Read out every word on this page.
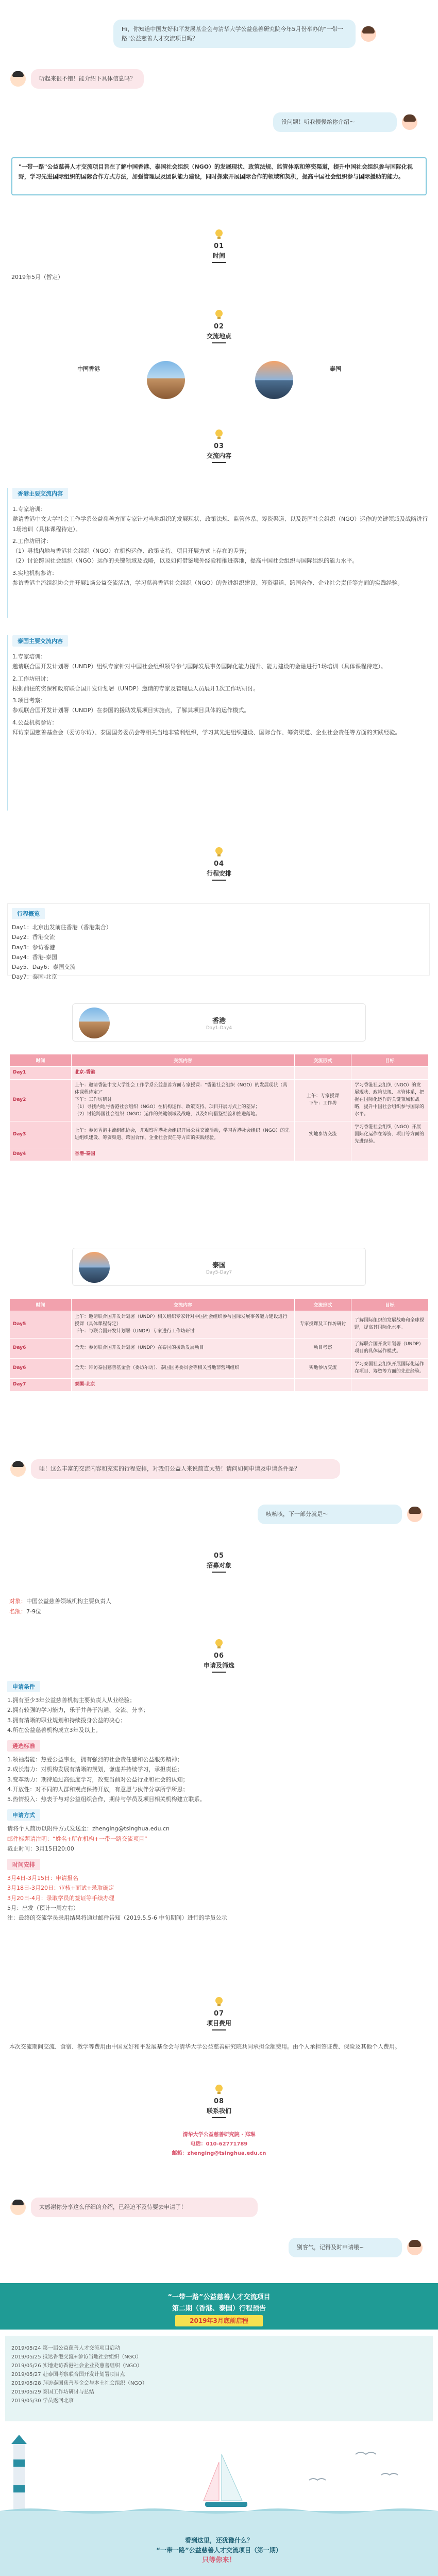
Hi，你知道中国友好和平发展基金会与清华大学公益慈善研究院今年5月份举办的"一带一路"公益慈善人才交流项目吗？
听起来很不错！能介绍下具体信息吗？
没问题！听我慢慢给你介绍～
"一带一路"公益慈善人才交流项目旨在了解中国香港、泰国社会组织（NGO）的发展现状、政策法规、监管体系和筹资渠道，提升中国社会组织参与国际化视野，学习先进国际组织的国际合作方式方法，加强管理层及团队能力建设，同时探索开展国际合作的领域和契机，提高中国社会组织参与国际援助的能力。
01
时间
2019年5月（暂定）
02
交流地点
中国香港	泰国
03
交流内容
香港主要交流内容
1.专家培训：
邀请香港中文大学社会工作学系公益慈善方面专家针对当地组织的发展现状、政策法规、监管体系、筹资渠道、以及跨国社会组织（NGO）运作的关键领域及战略进行1场培训（具体课程待定）。
2.工作坊研讨：
（1）寻找内地与香港社会组织（NGO）在机构运作、政策支持、项目开展方式上存在的差异；
（2）讨论跨国社会组织（NGO）运作的关键领域及战略，以及如何借鉴境外经验和推进落地，提高中国社会组织与国际组织的能力水平。
3.实地机构参访：
参访香港主流组织协会并开展1场公益交流活动，学习慈善香港社会组织（NGO）的先进组织建设、筹资渠道、跨国合作、企业社会责任等方面的实践经验。
泰国主要交流内容
1.专家培训：
邀请联合国开发计划署（UNDP）组织专家针对中国社会组织领导参与国际发展事务国际化能力提升、能力建设的金融进行1场培训（具体课程待定）。
2.工作坊研讨：
根据前往的资深和政府联合国开发计划署（UNDP）邀请的专家及管理层人员展开1次工作坊研讨。
3.项目考察：
参观联合国开发计划署（UNDP）在泰国的援助发展项目实施点，了解其项目具体的运作模式。
4.公益机构参访：
拜访泰国慈善基金会（委访尔访）、泰国国务委员会等相关当地非营利组织，学习其先进组织建设、国际合作、筹资渠道、企业社会责任等方面的实践经验。
04
行程安排
行程概览
Day1：北京出发前往香港（香港集合）
Day2：香港交流
Day3：参访香港
Day4：香港-泰国
Day5、Day6：泰国交流
Day7：泰国-北京
香港
Day1-Day4
时间	交流内容	交流形式	目标
Day1	北京-香港		
Day2	上午：邀请香港中文大学社会工作学系公益慈善方面专家授课：“香港社会组织（NGO）的发展现状（具体课程待定）”
下午：工作坊研讨
（1）寻找内地与香港社会组织（NGO）在机构运作、政策支持、项目开展方式上的差异；
（2）讨论跨国社会组织（NGO）运作的关键领域及战略，以及如何借鉴经验和推进落地。	上午：专家授课
下午：工作坊	学习香港社会组织（NGO）的发展现状、政策法规、监管体系，把握在国际化运作的关键领域和战略，提升中国社会组织参与国际的水平。
Day3	上午：参访香港主流组织协会，并观察香港社会组织开展公益交流活动，学习香港社会组织（NGO）的先进组织建设、筹资渠道、跨国合作、企业社会责任等方面的实践经验。	实地参访交流	学习香港社会组织（NGO）开展国际化运作在筹资、项目等方面的先进经验。
Day4	香港-泰国		
泰国
Day5-Day7
时间	交流内容	交流形式	目标
Day5	上午：邀请联合国开发计划署（UNDP）相关组织专家针对中国社会组织参与国际发展事务能力建设进行授课（具体课程待定）
下午：与联合国开发计划署（UNDP）专家进行工作坊研讨	专家授课及工作坊研讨	了解国际组织的发展战略和全球视野，提高其国际化水平。
Day6	全天：参访联合国开发计划署（UNDP）在泰国的援助发展项目	项目考察	了解联合国开发计划署（UNDP）项目的具体运作模式。
Day6	全天：拜访泰国慈善基金会（委访尔访）、泰国国务委员会等相关当地非营利组织	实地参访交流	学习泰国社会组织开展国际化运作在项目、筹资等方面的先进经验。
Day7	泰国-北京		
哇！这么丰富的交流内容和充实的行程安排，对我们公益人来说简直太赞！请问如何申请及申请条件是？
咳咳咳，下一部分就是～
05
招募对象
对象：中国公益慈善领域机构主要负责人
名额：7-9位
06
申请及筛选
申请条件
1.拥有至少3年公益慈善机构主要负责人从业经验；
2.拥有较强的学习能力，乐于并善于沟通、交流、分享；
3.拥有清晰的职业规划和持续投身公益的决心；
4.所在公益慈善机构成立3年及以上。
遴选标准
1.领袖潜能：热爱公益事业，拥有强烈的社会责任感和公益服务精神；
2.成长潜力：对机构发展有清晰的规划，谦虚并持续学习，承担责任；
3.变革动力：期待通过高强度学习，改变当前对公益行业和社会的认知；
4.开放性：对不同的人群和观点保持开放，有意愿与伙伴分享所学所思；
5.热情投入：热衷于与对公益组织合作，期待与学员及项目相关机构建立联系。
申请方式
请将个人简历以附件方式发送至：zhenging@tsinghua.edu.cn
邮件标题请注明：“姓名+所在机构+一带一路交流项目”
截止时间：3月15日20:00
时间安排
3月4日-3月15日：申请报名
3月18日-3月20日：审核+面试+录取确定
3月20日-4月：录取学员的签证等手续办理
5月：出发（预计一周左右）
注：最终的交流学员录用结果将通过邮件告知（2019.5.5-6 中旬期间）进行的学员公示
07
项目费用
本次交流期间交流、食宿、教学等费用由中国友好和平发展基金会与清华大学公益慈善研究院共同承担全额费用。由个人承担签证费、保险及其他个人费用。
08
联系我们
清华大学公益慈善研究院 · 郑琳
电话：010-62771789
邮箱：zhenging@tsinghua.edu.cn
太感谢你分享这么仔细的介绍，已经迫不及待要去申请了！
别客气，记得及时申请哦~
“一带一路”公益慈善人才交流项目
第二期（香港、泰国）行程预告
2019年3月底前启程
2019/05/24 第一届公益慈善人才交流项目启动
2019/05/25 抵达香港交流+参访当地社会组织（NGO）
2019/05/26 实地走访香港社会企业及慈善组织（NGO）
2019/05/27 赴泰国考察联合国开发计划署项目点
2019/05/28 拜访泰国慈善基金会与本土社会组织（NGO）
2019/05/29 泰国工作坊研讨与总结
2019/05/30 学员返回北京
看到这里，还犹豫什么？
“一带一路”公益慈善人才交流项目（第一期）
只等你来！
